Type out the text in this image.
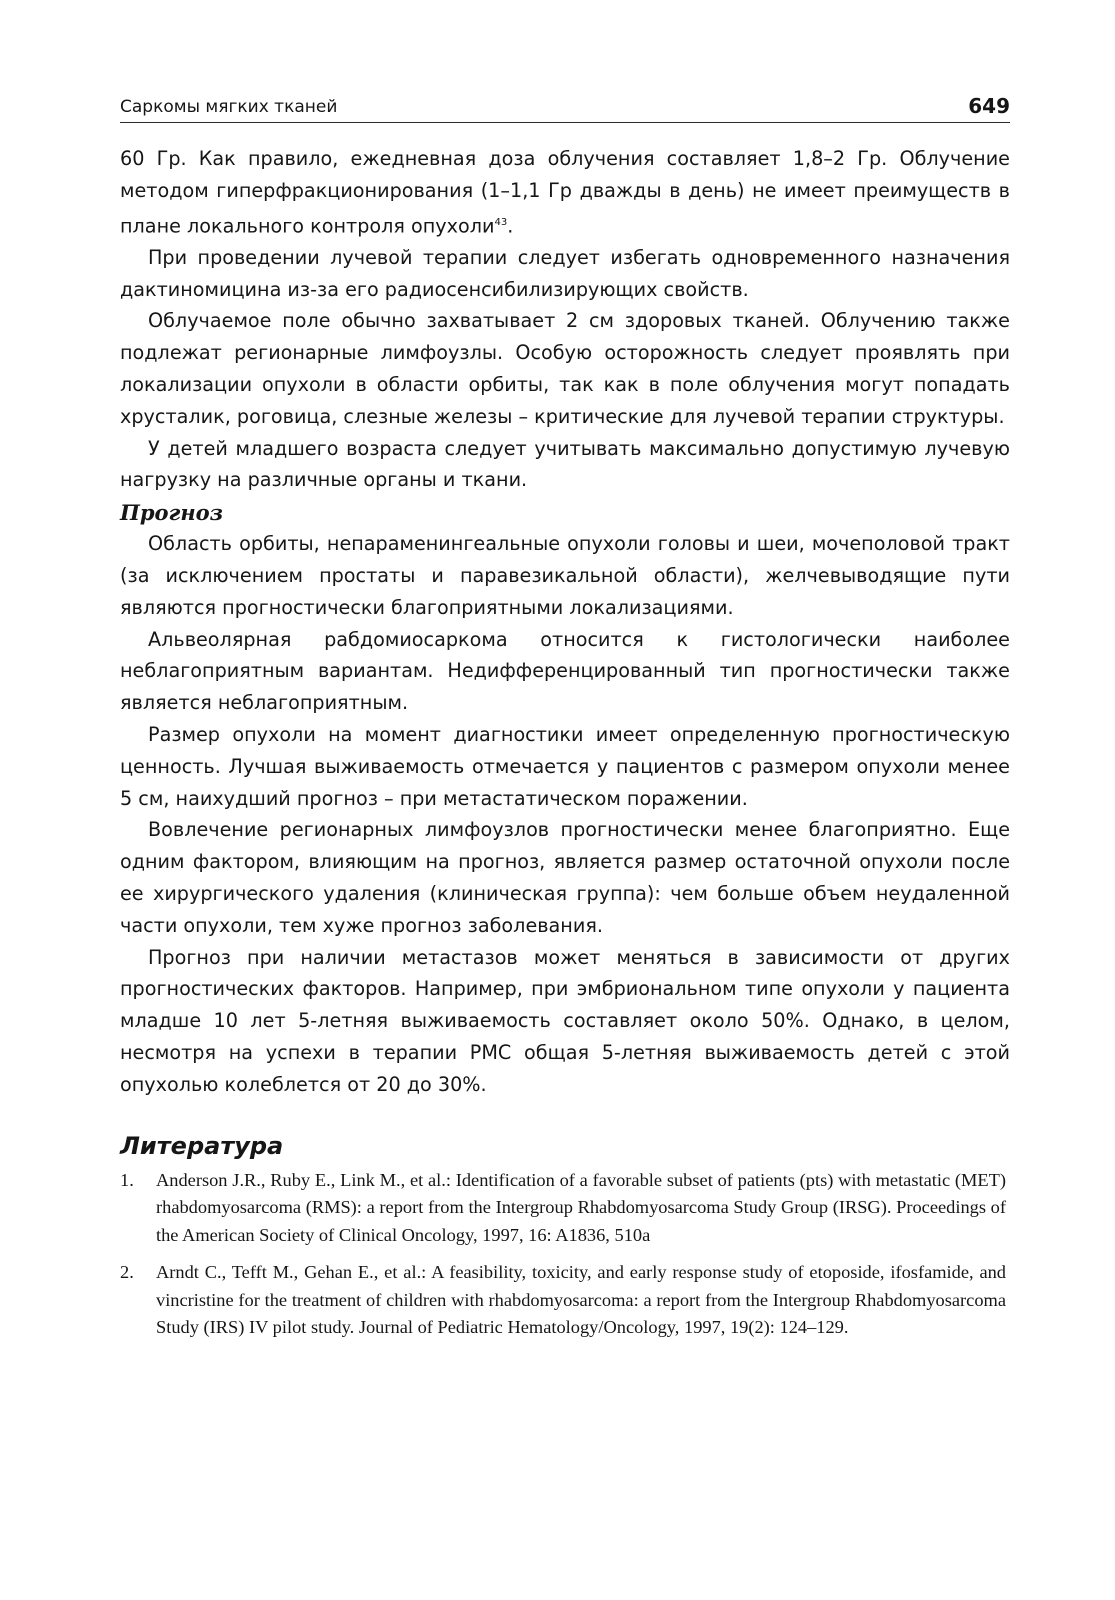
Саркомы мягких тканей	649

60 Гр. Как правило, ежедневная доза облучения составляет 1,8–2 Гр. Облучение методом гиперфракционирования (1–1,1 Гр дважды в день) не имеет преимуществ в плане локального контроля опухоли$^{43}$.

При проведении лучевой терапии следует избегать одновременного назначения дактиномицина из-за его радиосенсибилизирующих свойств.

Облучаемое поле обычно захватывает 2 см здоровых тканей. Облучению также подлежат регионарные лимфоузлы. Особую осторожность следует проявлять при локализации опухоли в области орбиты, так как в поле облучения могут попадать хрусталик, роговица, слезные железы – критические для лучевой терапии структуры.

У детей младшего возраста следует учитывать максимально допустимую лучевую нагрузку на различные органы и ткани.

Прогноз

Область орбиты, непараменингеальные опухоли головы и шеи, мочеполовой тракт (за исключением простаты и паравезикальной области), желчевыводящие пути являются прогностически благоприятными локализациями.

Альвеолярная рабдомиосаркома относится к гистологически наиболее неблагоприятным вариантам. Недифференцированный тип прогностически также является неблагоприятным.

Размер опухоли на момент диагностики имеет определенную прогностическую ценность. Лучшая выживаемость отмечается у пациентов с размером опухоли менее 5 см, наихудший прогноз – при метастатическом поражении.

Вовлечение регионарных лимфоузлов прогностически менее благоприятно. Еще одним фактором, влияющим на прогноз, является размер остаточной опухоли после ее хирургического удаления (клиническая группа): чем больше объем неудаленной части опухоли, тем хуже прогноз заболевания.

Прогноз при наличии метастазов может меняться в зависимости от других прогностических факторов. Например, при эмбриональном типе опухоли у пациента младше 10 лет 5-летняя выживаемость составляет около 50%. Однако, в целом, несмотря на успехи в терапии РМС общая 5-летняя выживаемость детей с этой опухолью колеблется от 20 до 30%.

Литература
1.	Anderson J.R., Ruby E., Link M., et al.: Identification of a favorable subset of patients (pts) with metastatic (MET) rhabdomyosarcoma (RMS): a report from the Intergroup Rhabdomyosarcoma Study Group (IRSG). Proceedings of the American Society of Clinical Oncology, 1997, 16: A1836, 510a
2.	Arndt C., Tefft M., Gehan E., et al.: A feasibility, toxicity, and early response study of etoposide, ifosfamide, and vincristine for the treatment of children with rhabdomyosarcoma: a report from the Intergroup Rhabdomyosarcoma Study (IRS) IV pilot study. Journal of Pediatric Hematology/Oncology, 1997, 19(2): 124–129.
